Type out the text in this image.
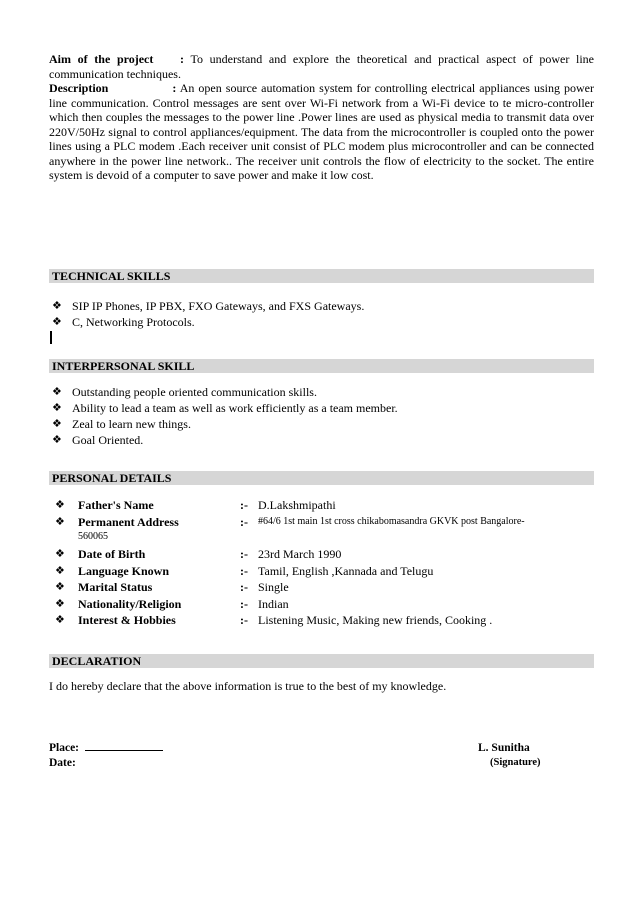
Aim of the project : To understand and explore the theoretical and practical aspect of power line communication techniques.
Description	: An open source automation system for controlling electrical appliances using power line communication. Control messages are sent over Wi-Fi network from a Wi-Fi device to te micro-controller which then couples the messages to the power line .Power lines are used as physical media to transmit data over 220V/50Hz signal to control appliances/equipment. The data from the microcontroller is coupled onto the power lines using a PLC modem .Each receiver unit consist of PLC modem plus microcontroller and can be connected anywhere in the power line network.. The receiver unit controls the flow of electricity to the socket. The entire system is devoid of a computer to save power and make it low cost.
TECHNICAL SKILLS
❖ SIP IP Phones, IP PBX, FXO Gateways, and FXS Gateways.
❖ C, Networking Protocols.
INTERPERSONAL SKILL
❖ Outstanding people oriented communication skills.
❖ Ability to lead a team as well as work efficiently as a team member.
❖ Zeal to learn new things.
❖ Goal Oriented.
PERSONAL DETAILS
❖	Father's Name	:- D.Lakshmipathi
❖	Permanent Address	:-	#64/6 1st main 1st cross chikabomasandra GKVK post Bangalore-
560065
❖	Date of Birth	:- 23rd March 1990
❖	Language Known	:- Tamil, English ,Kannada and Telugu
❖	Marital Status	:- Single
❖	Nationality/Religion	:- Indian
❖	Interest & Hobbies	:- Listening Music, Making new friends, Cooking .
DECLARATION
I do hereby declare that the above information is true to the best of my knowledge.
Place:
Date:
L. Sunitha
(Signature)
